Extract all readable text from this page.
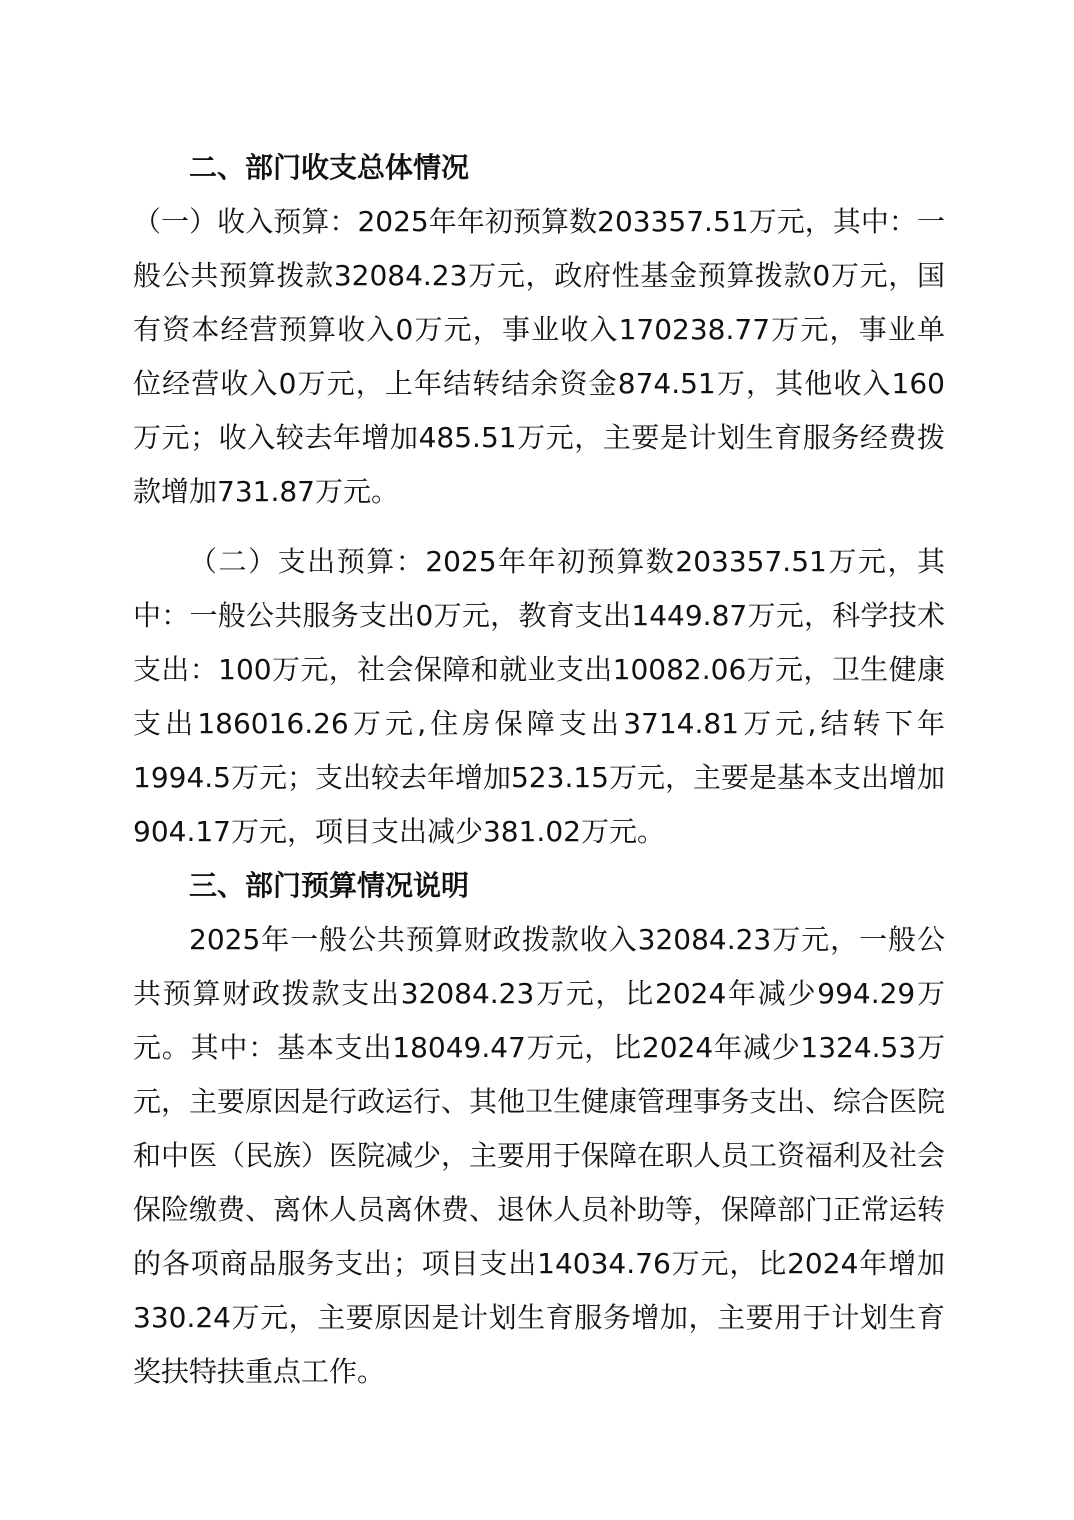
二、部门收支总体情况

（一）收入预算：2025年年初预算数203357.51万元，其中：一般公共预算拨款32084.23万元，政府性基金预算拨款0万元，国有资本经营预算收入0万元，事业收入170238.77万元，事业单位经营收入0万元，上年结转结余资金874.51万，其他收入160万元；收入较去年增加485.51万元，主要是计划生育服务经费拨款增加731.87万元。

（二）支出预算：2025年年初预算数203357.51万元，其中：一般公共服务支出0万元，教育支出1449.87万元，科学技术支出：100万元，社会保障和就业支出10082.06万元，卫生健康支出186016.26万元,住房保障支出3714.81万元,结转下年1994.5万元；支出较去年增加523.15万元，主要是基本支出增加904.17万元，项目支出减少381.02万元。

三、部门预算情况说明

2025年一般公共预算财政拨款收入32084.23万元，一般公共预算财政拨款支出32084.23万元，比2024年减少994.29万元。其中：基本支出18049.47万元，比2024年减少1324.53万元，主要原因是行政运行、其他卫生健康管理事务支出、综合医院和中医（民族）医院减少，主要用于保障在职人员工资福利及社会保险缴费、离休人员离休费、退休人员补助等，保障部门正常运转的各项商品服务支出；项目支出14034.76万元，比2024年增加330.24万元，主要原因是计划生育服务增加，主要用于计划生育奖扶特扶重点工作。
